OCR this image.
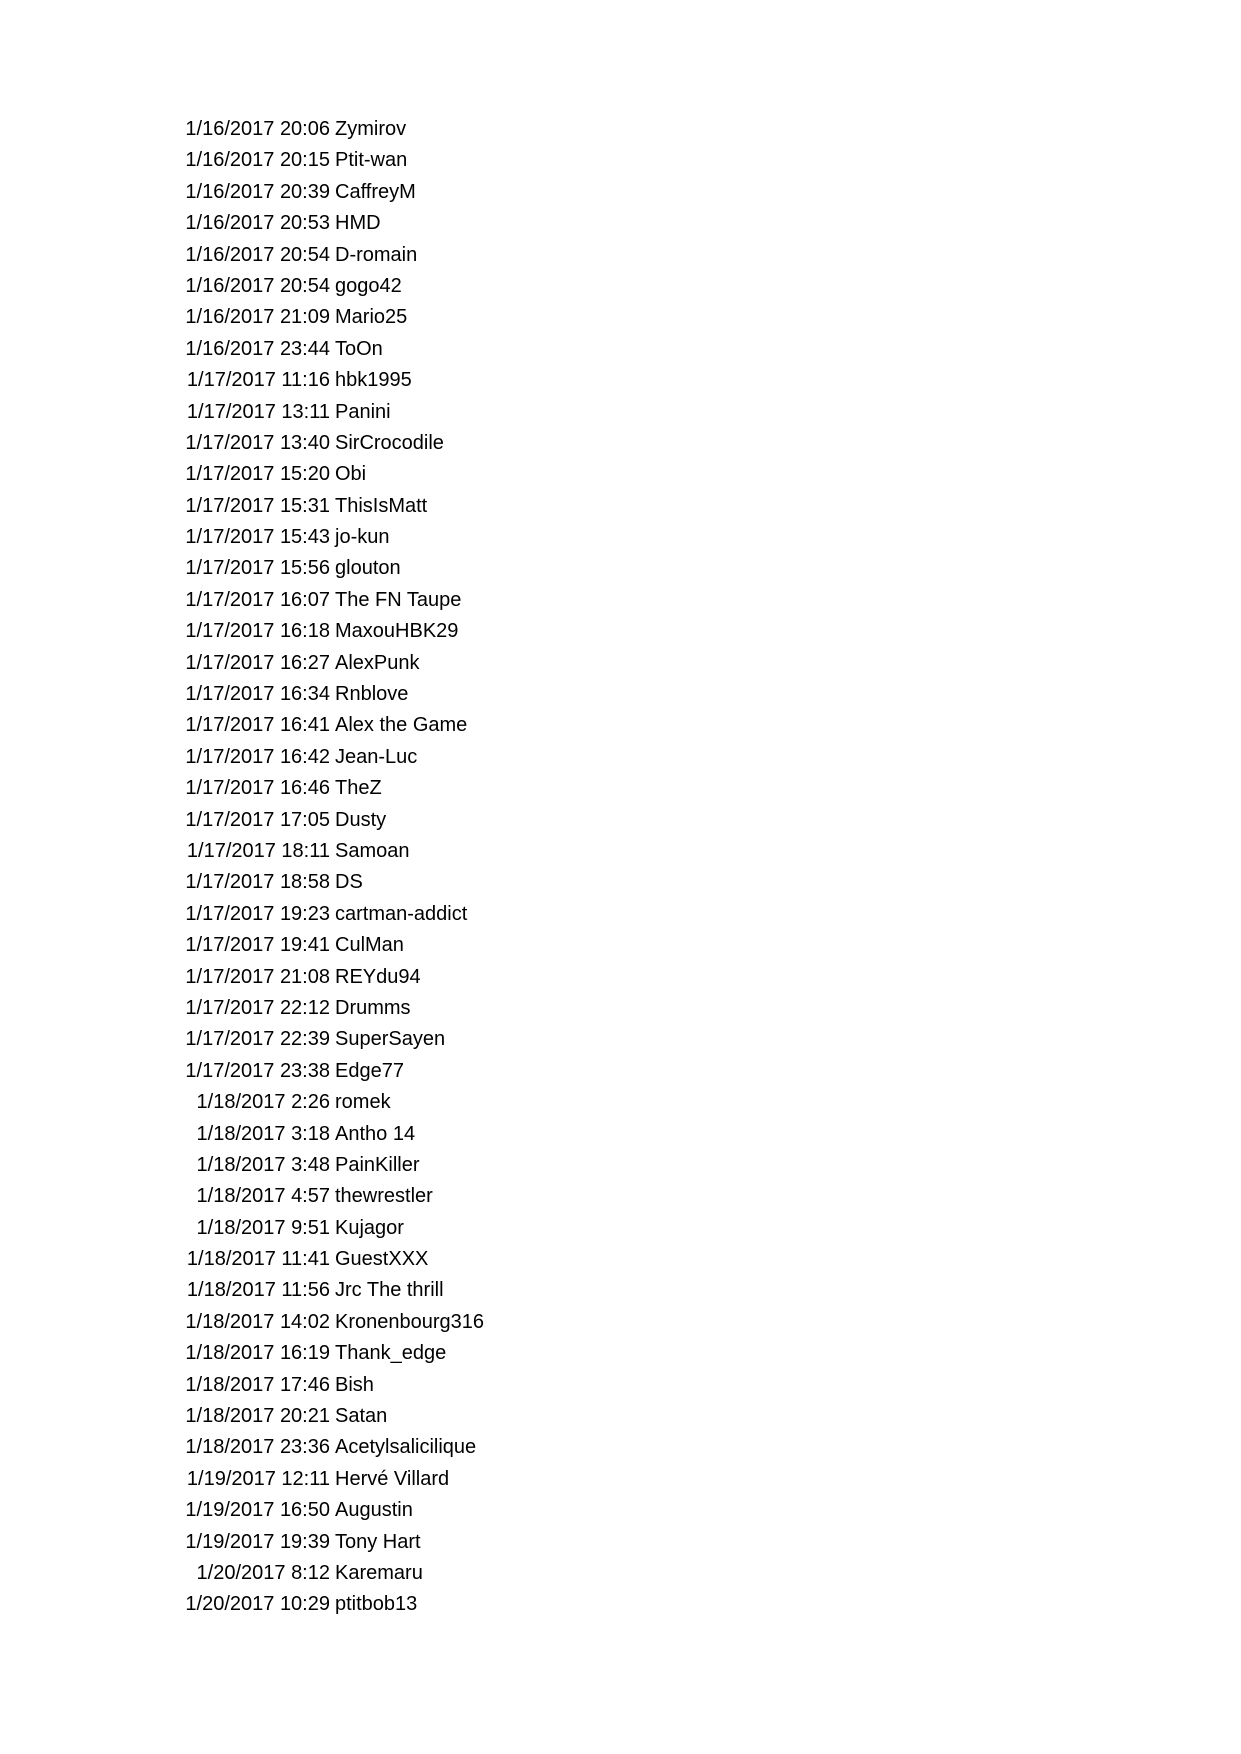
1/16/2017 20:06 Zymirov
1/16/2017 20:15 Ptit-wan
1/16/2017 20:39 CaffreyM
1/16/2017 20:53 HMD
1/16/2017 20:54 D-romain
1/16/2017 20:54 gogo42
1/16/2017 21:09 Mario25
1/16/2017 23:44 ToOn
1/17/2017 11:16 hbk1995
1/17/2017 13:11 Panini
1/17/2017 13:40 SirCrocodile
1/17/2017 15:20 Obi
1/17/2017 15:31 ThisIsMatt
1/17/2017 15:43 jo-kun
1/17/2017 15:56 glouton
1/17/2017 16:07 The FN Taupe
1/17/2017 16:18 MaxouHBK29
1/17/2017 16:27 AlexPunk
1/17/2017 16:34 Rnblove
1/17/2017 16:41 Alex the Game
1/17/2017 16:42 Jean-Luc
1/17/2017 16:46 TheZ
1/17/2017 17:05 Dusty
1/17/2017 18:11 Samoan
1/17/2017 18:58 DS
1/17/2017 19:23 cartman-addict
1/17/2017 19:41 CulMan
1/17/2017 21:08 REYdu94
1/17/2017 22:12 Drumms
1/17/2017 22:39 SuperSayen
1/17/2017 23:38 Edge77
1/18/2017 2:26 romek
1/18/2017 3:18 Antho 14
1/18/2017 3:48 PainKiller
1/18/2017 4:57 thewrestler
1/18/2017 9:51 Kujagor
1/18/2017 11:41 GuestXXX
1/18/2017 11:56 Jrc The thrill
1/18/2017 14:02 Kronenbourg316
1/18/2017 16:19 Thank_edge
1/18/2017 17:46 Bish
1/18/2017 20:21 Satan
1/18/2017 23:36 Acetylsalicilique
1/19/2017 12:11 Hervé Villard
1/19/2017 16:50 Augustin
1/19/2017 19:39 Tony Hart
1/20/2017 8:12 Karemaru
1/20/2017 10:29 ptitbob13
